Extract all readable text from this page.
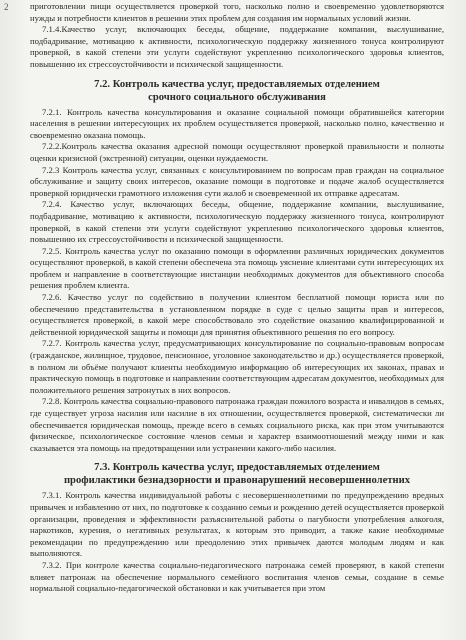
2 приготовлении пищи осуществляется проверкой того, насколько полно и своевременно удовлетворяются нужды и потребности клиентов в решении этих проблем для создания им нормальных условий жизни.

7.1.4.Качество услуг, включающих беседы, общение, поддержание компании, выслушивание, подбадривание, мотивацию к активности, психологическую поддержку жизненного тонуса контролируют проверкой, в какой степени эти услуги содействуют укреплению психологического здоровья клиентов, повышению их стрессоустойчивости и психической защищенности.

7.2. Контроль качества услуг, предоставляемых отделением
срочного социального обслуживания

7.2.1. Контроль качества консультирования и оказание социальной помощи обратившейся категории населения в решении интересующих их проблем осуществляется проверкой, насколько полно, качественно и своевременно оказана помощь.

7.2.2.Контроль качества оказания адресной помощи осуществляют проверкой правильности и полноты оценки кризисной (экстренной) ситуации, оценки нуждаемости.

7.2.3 Контроль качества услуг, связанных с консультированием по вопросам прав граждан на социальное обслуживание и защиту своих интересов, оказание помощи в подготовке и подаче жалоб осуществляется проверкой юридически грамотного изложения сути жалоб и своевременной их отправке адресатам.

7.2.4. Качество услуг, включающих беседы, общение, поддержание компании, выслушивание, подбадривание, мотивацию к активности, психологическую поддержку жизненного тонуса, контролируют проверкой, в какой степени эти услуги содействуют укреплению психологического здоровья клиентов, повышению их стрессоустойчивости и психической защищенности.

7.2.5. Контроль качества услуг по оказанию помощи в оформлении различных юридических документов осуществляют проверкой, в какой степени обеспечена эта помощь уяснение клиентами сути интересующих их проблем и направление в соответствующие инстанции необходимых документов для объективного способа решения проблем клиента.

7.2.6. Качество услуг по содействию в получении клиентом бесплатной помощи юриста или по обеспечению представительства в установленном порядке в суде с целью защиты прав и интересов, осуществляется проверкой, в какой мере способствовало это содействие оказанию квалифицированной и действенной юридической защиты и помощи для принятия объективного решения по его вопросу.

7.2.7. Контроль качества услуг, предусматривающих консультирование по социально-правовым вопросам (гражданское, жилищное, трудовое, пенсионное, уголовное законодательство и др.) осуществляется проверкой, в полном ли объёме получают клиенты необходимую информацию об интересующих их законах, правах и практическую помощь в подготовке и направлении соответствующим адресатам документов, необходимых для положительного решения затронутых в них вопросов.

7.2.8. Контроль качества социально-правового патронажа граждан пожилого возраста и инвалидов в семьях, где существует угроза насилия или насилие в их отношении, осуществляется проверкой, систематически ли обеспечивается юридическая помощь, прежде всего в семьях социального риска, как при этом учитываются физическое, психологическое состояние членов семьи и характер взаимоотношений между ними и как сказывается эта помощь на предотвращении или устранении какого-либо насилия.

7.3. Контроль качества услуг, предоставляемых отделением
профилактики безнадзорности и правонарушений несовершеннолетних

7.3.1. Контроль качества индивидуальной работы с несовершеннолетними по предупреждению вредных привычек и избавлению от них, по подготовке к созданию семьи и рождению детей осуществляется проверкой организации, проведения и эффективности разъяснительной работы о пагубности употребления алкоголя, наркотиков, курения, о негативных результатах, к которым это приводит, а также какие необходимые рекомендации по предупреждению или преодолению этих привычек даются молодым людям и как выполняются.

7.3.2. При контроле качества социально-педагогического патронажа семей проверяют, в какой степени влияет патронаж на обеспечение нормального семейного воспитания членов семьи, создание в семье нормальной социально-педагогической обстановки и как учитывается при этом
